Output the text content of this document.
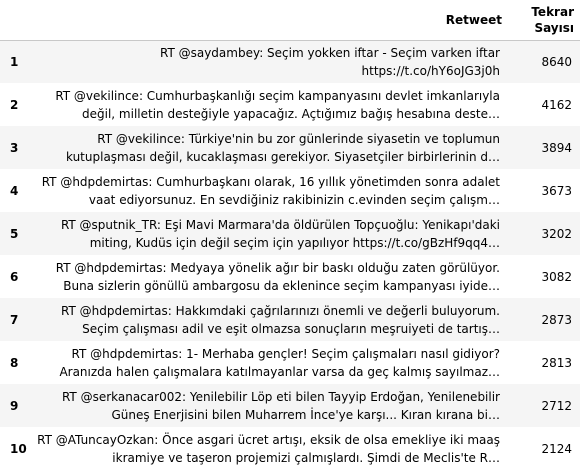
	Retweet	Tekrar
Sayısı
1	RT @saydambey: Seçim yokken iftar - Seçim varken iftar https://t.co/hY6oJG3j0h	8640
2	RT @vekilince: Cumhurbaşkanlığı seçim kampanyasını devlet imkanlarıyla değil, milletin desteğiyle yapacağız. Açtığımız bağış hesabına deste…	4162
3	RT @vekilince: Türkiye'nin bu zor günlerinde siyasetin ve toplumun kutuplaşması değil, kucaklaşması gerekiyor. Siyasetçiler birbirlerinin d…	3894
4	RT @hdpdemirtas: Cumhurbaşkanı olarak, 16 yıllık yönetimden sonra adalet vaat ediyorsunuz. En sevdiğiniz rakibinizin c.evinden seçim çalışm…	3673
5	RT @sputnik_TR: Eşi Mavi Marmara'da öldürülen Topçuoğlu: Yenikapı'daki miting, Kudüs için değil seçim için yapılıyor https://t.co/gBzHf9qq4…	3202
6	RT @hdpdemirtas: Medyaya yönelik ağır bir baskı olduğu zaten görülüyor. Buna sizlerin gönüllü ambargosu da eklenince seçim kampanyası iyide…	3082
7	RT @hdpdemirtas: Hakkımdaki çağrılarınızı önemli ve değerli buluyorum. Seçim çalışması adil ve eşit olmazsa sonuçların meşruiyeti de tartış…	2873
8	RT @hdpdemirtas: 1- Merhaba gençler! Seçim çalışmaları nasıl gidiyor? Aranızda halen çalışmalara katılmayanlar varsa da geç kalmış sayılmaz…	2813
9	RT @serkanacar002: Yenilebilir Löp eti bilen Tayyip Erdoğan, Yenilenebilir Güneş Enerjisini bilen Muharrem İnce'ye karşı... Kıran kırana bi…	2712
10	RT @ATuncayOzkan: Önce asgari ücret artışı, eksik de olsa emekliye iki maaş ikramiye ve taşeron projemizi çalmışlardı. Şimdi de Meclis'te R…	2124
